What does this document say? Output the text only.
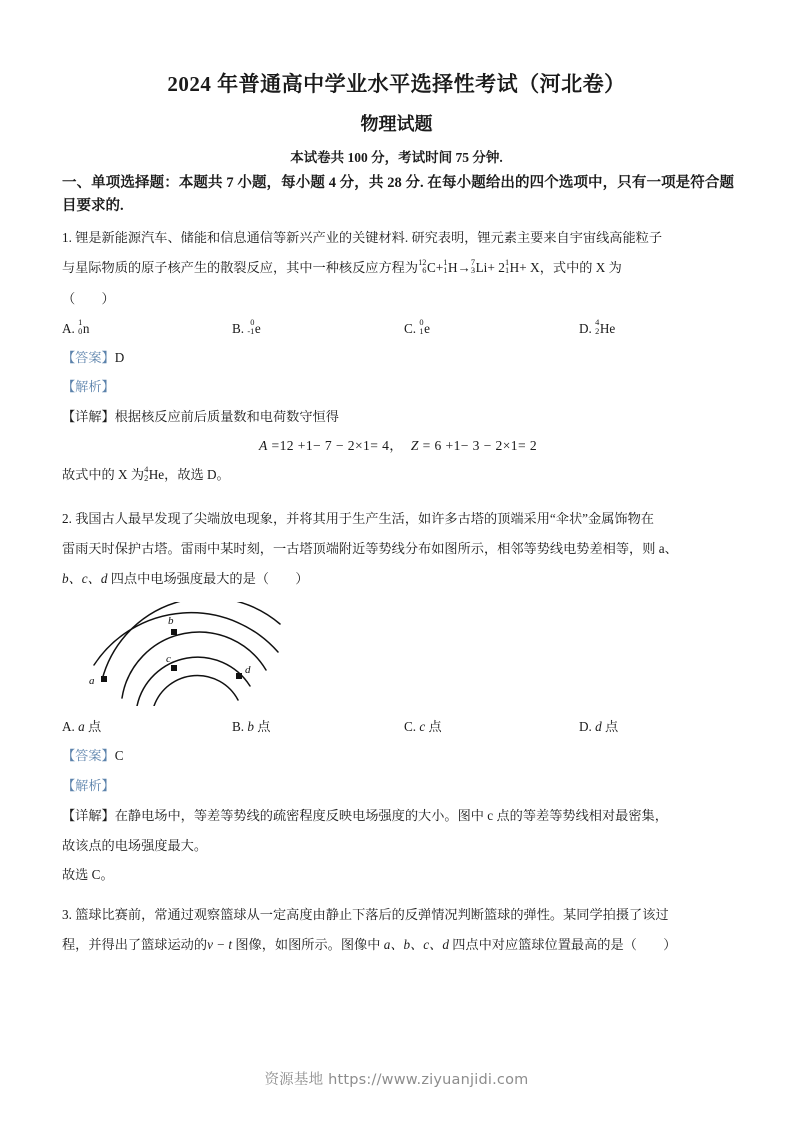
2024 年普通高中学业水平选择性考试（河北卷）
物理试题
本试卷共 100 分，考试时间 75 分钟.

一、单项选择题：本题共 7 小题，每小题 4 分，共 28 分. 在每小题给出的四个选项中，只有一项是符合题目要求的.

1. 锂是新能源汽车、储能和信息通信等新兴产业的关键材料. 研究表明，锂元素主要来自宇宙线高能粒子

与星际物质的原子核产生的散裂反应，其中一种核反应方程为 12
6 C+ 1
1 H→ 7
3 Li+ 2 1
1 H+ X，式中的 X 为

（　　）

A. 1
0 n	B. 0
-1 e	C. 0
1 e	D. 4
2 He

【答案】D

【解析】

【详解】根据核反应前后质量数和电荷数守恒得

A =12 +1− 7 − 2×1= 4，  Z = 6 +1− 3 − 2×1= 2

故式中的 X 为 4
2 He，故选 D。

2. 我国古人最早发现了尖端放电现象，并将其用于生产生活，如许多古塔的顶端采用“伞状”金属饰物在

雷雨天时保护古塔。雷雨中某时刻，一古塔顶端附近等势线分布如图所示，相邻等势线电势差相等，则 a、

b、c、d 四点中电场强度最大的是（　　）

b
c
a
d
A. a 点	B. b 点	C. c 点	D. d 点

【答案】C

【解析】

【详解】在静电场中，等差等势线的疏密程度反映电场强度的大小。图中 c 点的等差等势线相对最密集，

故该点的电场强度最大。

故选 C。

3. 篮球比赛前，常通过观察篮球从一定高度由静止下落后的反弹情况判断篮球的弹性。某同学拍摄了该过

程，并得出了篮球运动的v − t 图像，如图所示。图像中 a、b、c、d 四点中对应篮球位置最高的是（　　）

资源基地 https://www.ziyuanjidi.com
